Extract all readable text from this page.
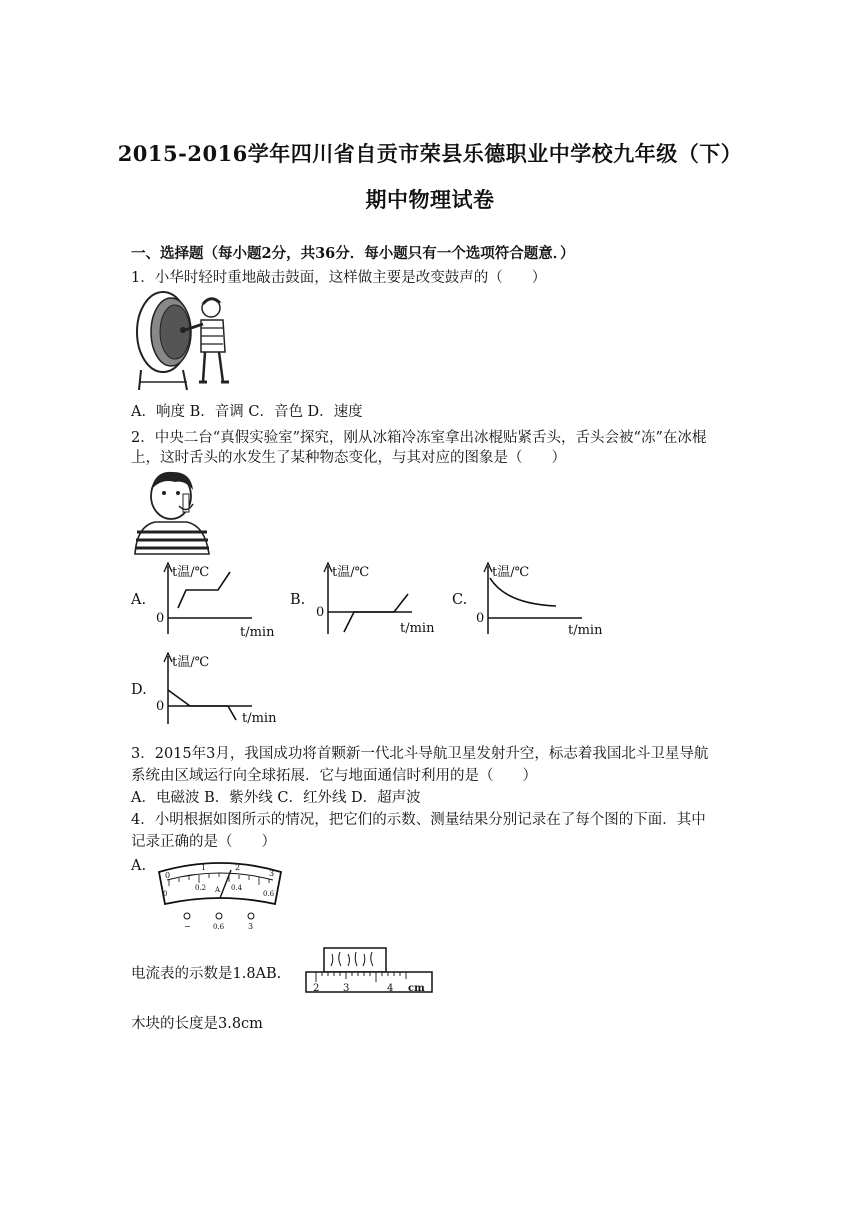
2015-2016学年四川省自贡市荣县乐德职业中学校九年级（下）
期中物理试卷
一、选择题（每小题2分，共36分．每小题只有一个选项符合题意．）
1．小华时轻时重地敲击鼓面，这样做主要是改变鼓声的（　　）
A．响度 B．音调 C．音色 D．速度
2．中央二台“真假实验室”探究，刚从冰箱冷冻室拿出冰棍贴紧舌头，舌头会被“冻”在冰棍
上，这时舌头的水发生了某种物态变化，与其对应的图象是（　　）
A.	B.	C.
D.
t温/℃
0
t/min
t温/℃
0
t/min
t温/℃
0
t/min
t温/℃
0
t/min
3．2015年3月，我国成功将首颗新一代北斗导航卫星发射升空，标志着我国北斗卫星导航
系统由区域运行向全球拓展．它与地面通信时利用的是（　　）
A．电磁波 B．紫外线 C．红外线 D．超声波
4．小明根据如图所示的情况，把它们的示数、测量结果分别记录在了每个图的下面．其中
记录正确的是（　　）
A.
0
1	2
3
0
0.2 A 0.4
0.6
−	0.6	3
电流表的示数是1.8AB.
2 3	4 cm
木块的长度是3.8cm
